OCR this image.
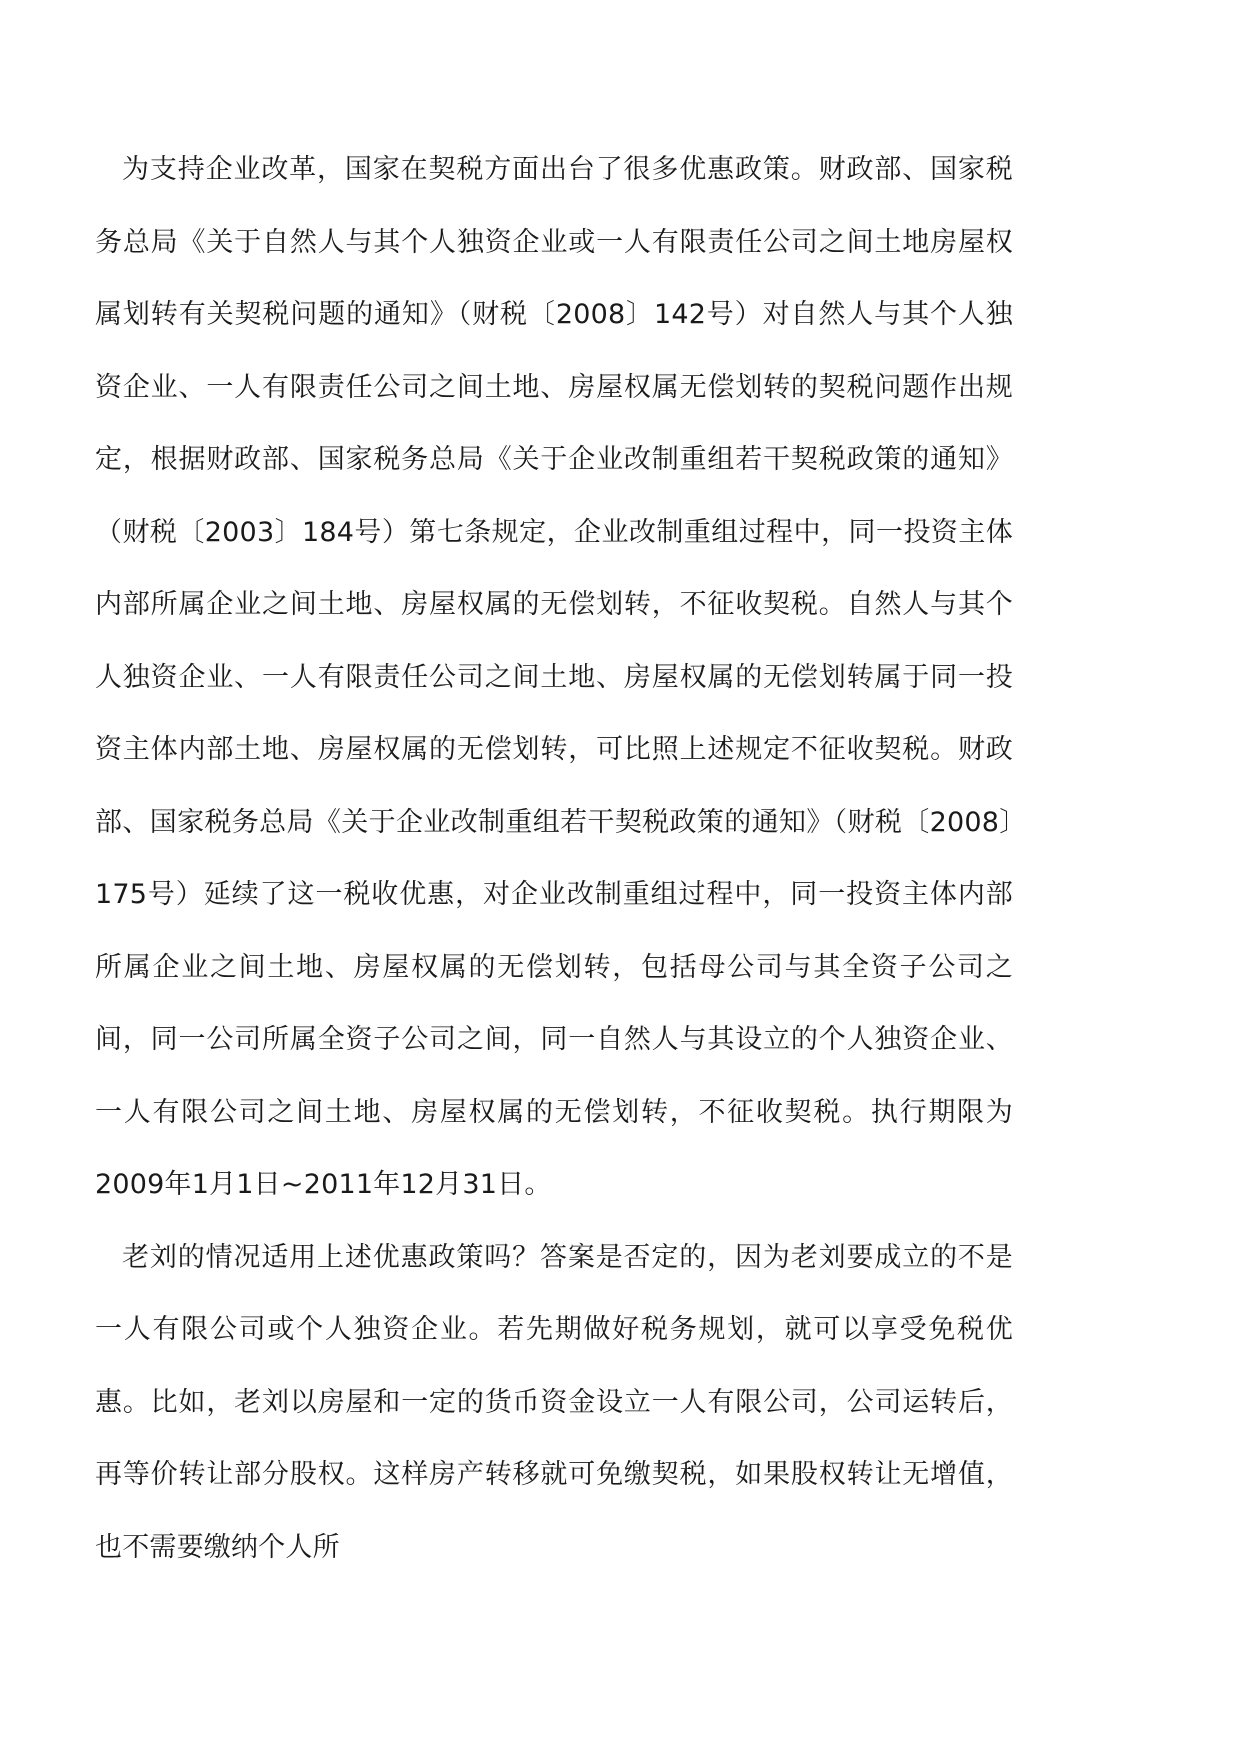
为支持企业改革，国家在契税方面出台了很多优惠政策。财政部、国家税务总局《关于自然人与其个人独资企业或一人有限责任公司之间土地房屋权属划转有关契税问题的通知》（财税〔2008〕142号）对自然人与其个人独资企业、一人有限责任公司之间土地、房屋权属无偿划转的契税问题作出规定，根据财政部、国家税务总局《关于企业改制重组若干契税政策的通知》（财税〔2003〕184号）第七条规定，企业改制重组过程中，同一投资主体内部所属企业之间土地、房屋权属的无偿划转，不征收契税。自然人与其个人独资企业、一人有限责任公司之间土地、房屋权属的无偿划转属于同一投资主体内部土地、房屋权属的无偿划转，可比照上述规定不征收契税。财政部、国家税务总局《关于企业改制重组若干契税政策的通知》（财税〔2008〕175号）延续了这一税收优惠，对企业改制重组过程中，同一投资主体内部所属企业之间土地、房屋权属的无偿划转，包括母公司与其全资子公司之间，同一公司所属全资子公司之间，同一自然人与其设立的个人独资企业、一人有限公司之间土地、房屋权属的无偿划转，不征收契税。执行期限为2009年1月1日~2011年12月31日。

老刘的情况适用上述优惠政策吗？答案是否定的，因为老刘要成立的不是一人有限公司或个人独资企业。若先期做好税务规划，就可以享受免税优惠。比如，老刘以房屋和一定的货币资金设立一人有限公司，公司运转后，再等价转让部分股权。这样房产转移就可免缴契税，如果股权转让无增值，也不需要缴纳个人所
